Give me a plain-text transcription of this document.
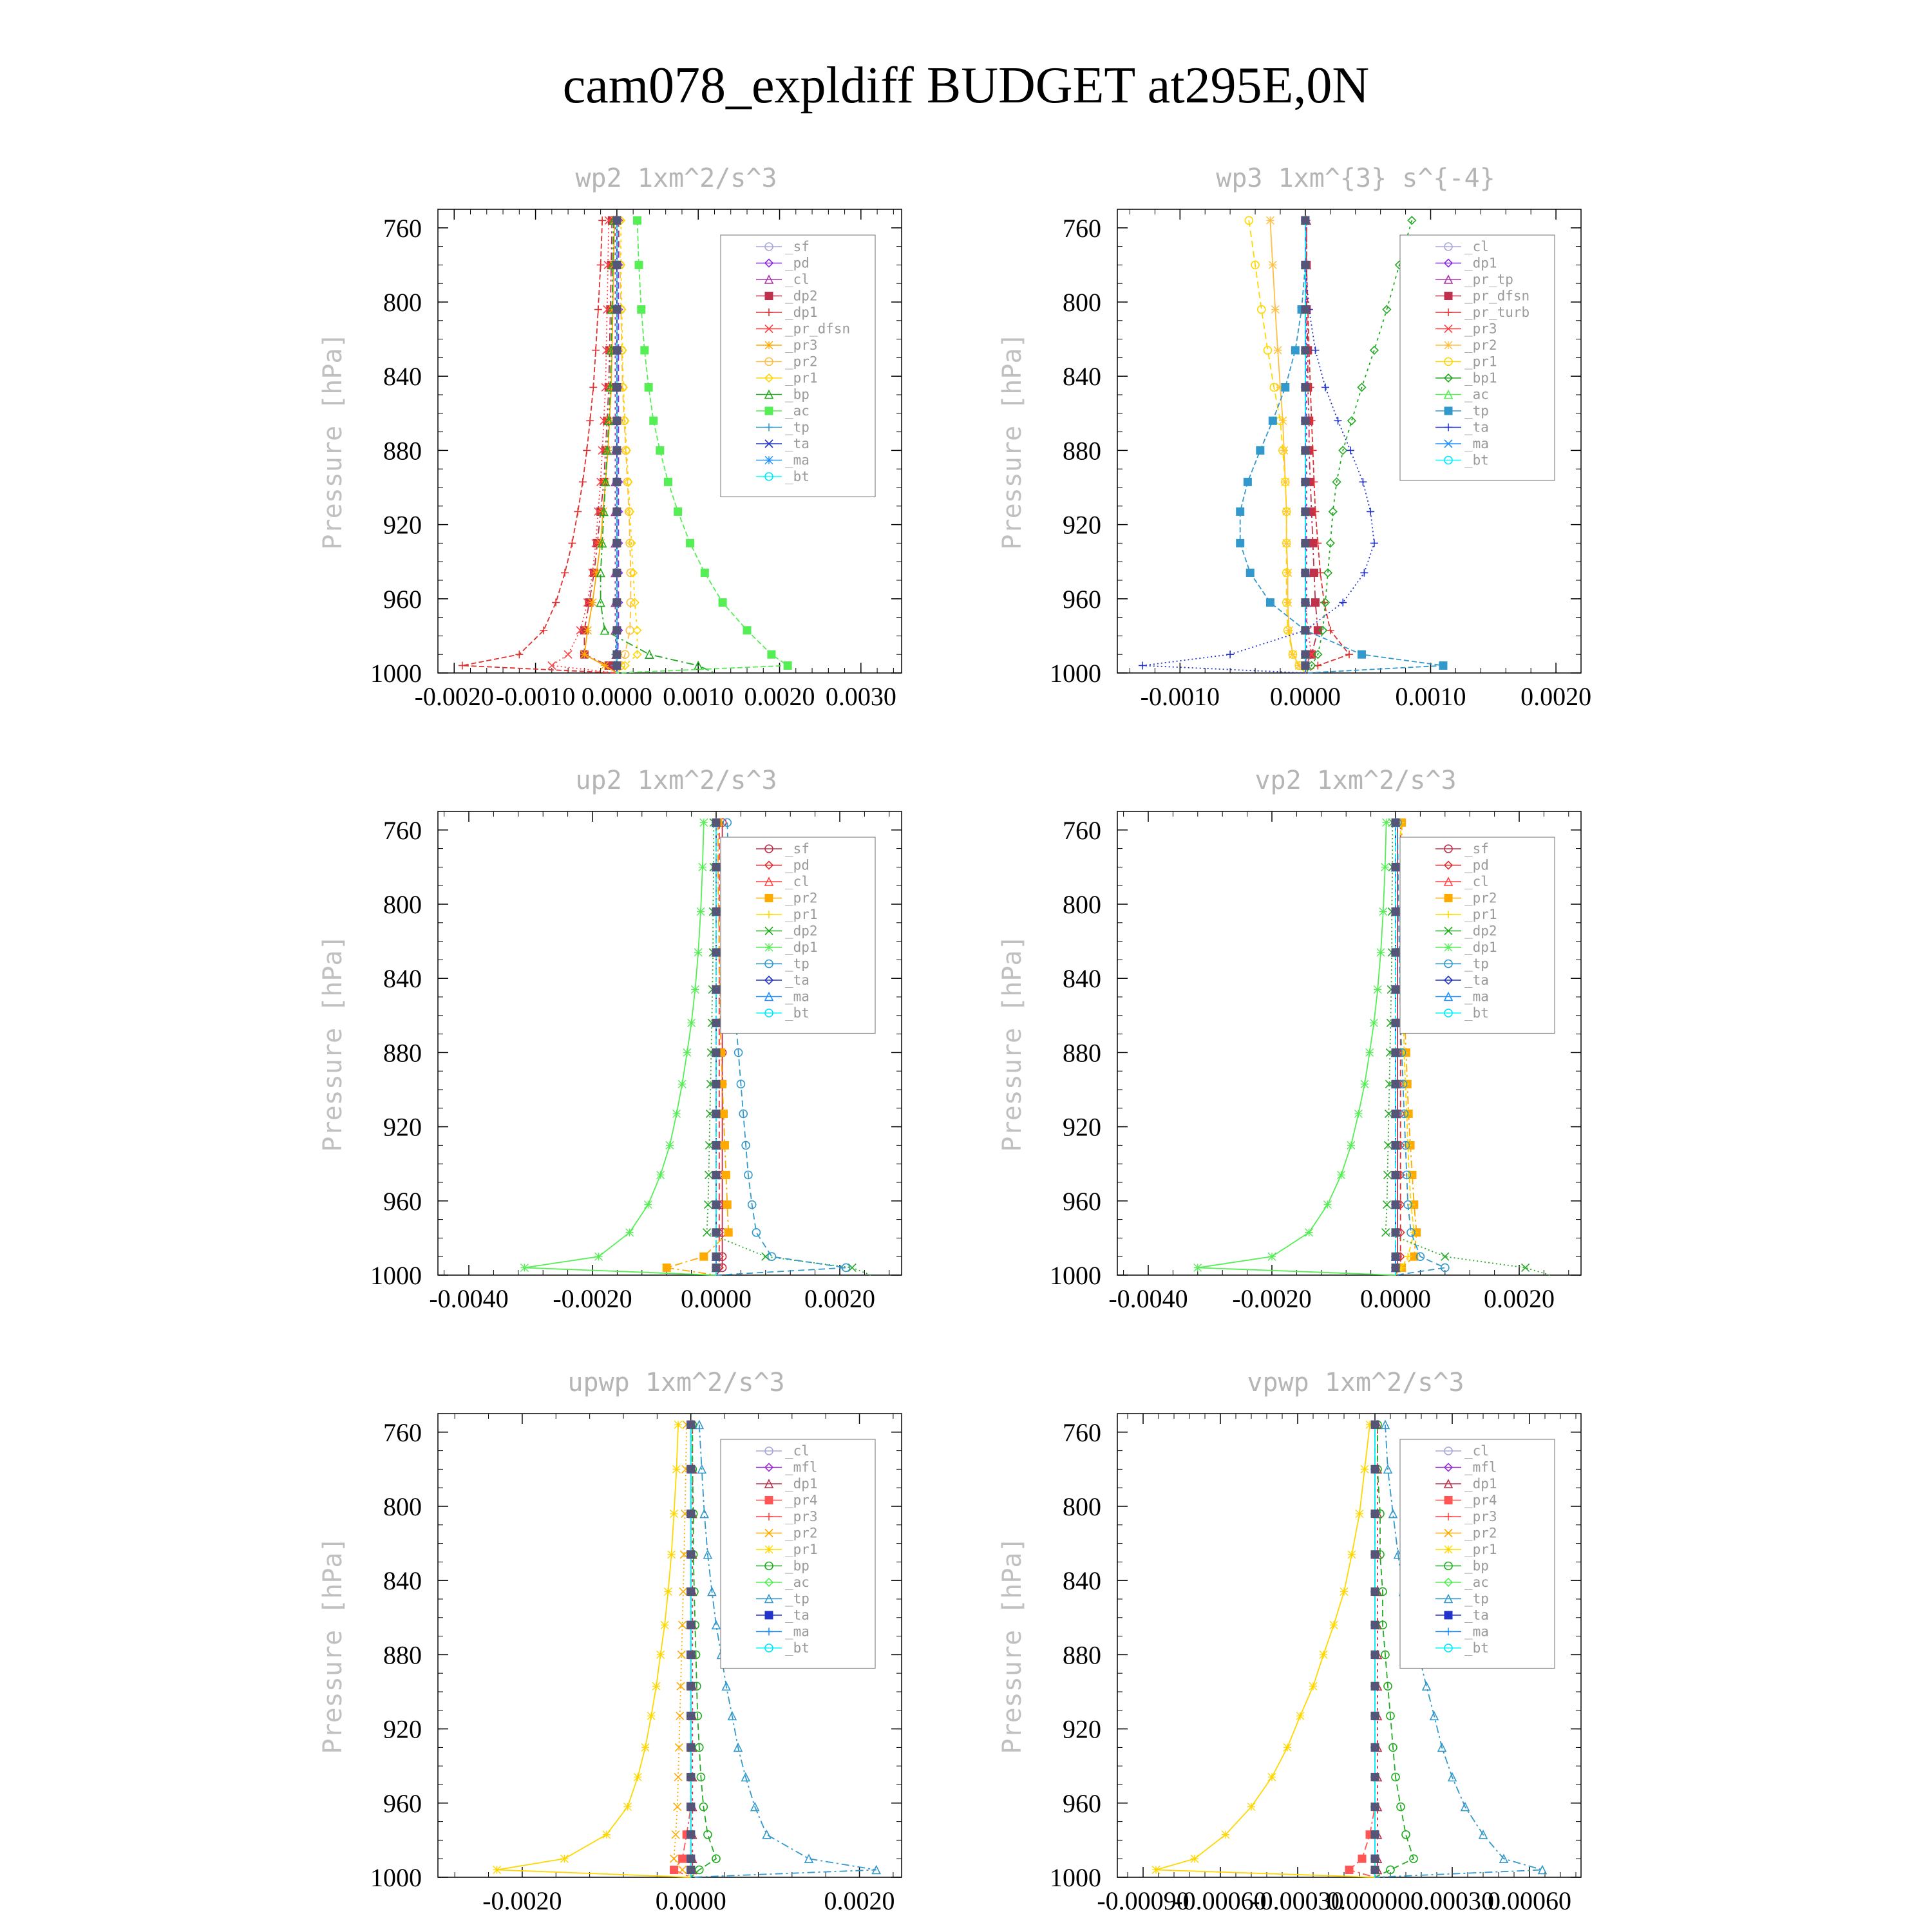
cam078_expldiff BUDGET at295E,0N
wp2 1xm^2/s^3
Pressure [hPa]
-0.0020 -0.0010 0.0000 0.0010 0.0020 0.0030
760
800
840
880
920
960
1000
_sf
_pd
_cl
_dp2
_dp1
_pr_dfsn
_pr3
_pr2
_pr1
_bp
_ac
_tp
_ta
_ma
_bt
wp3 1xm^{3} s^{-4}
Pressure [hPa]
-0.0010 0.0000 0.0010 0.0020
760
800
840
880
920
960
1000
_cl
_dp1
_pr_tp
_pr_dfsn
_pr_turb
_pr3
_pr2
_pr1
_bp1
_ac
_tp
_ta
_ma
_bt
up2 1xm^2/s^3
Pressure [hPa]
-0.0040 -0.0020 0.0000 0.0020
760
800
840
880
920
960
1000
_sf
_pd
_cl
_pr2
_pr1
_dp2
_dp1
_tp
_ta
_ma
_bt
vp2 1xm^2/s^3
Pressure [hPa]
-0.0040 -0.0020 0.0000 0.0020
760
800
840
880
920
960
1000
_sf
_pd
_cl
_pr2
_pr1
_dp2
_dp1
_tp
_ta
_ma
_bt
upwp 1xm^2/s^3
Pressure [hPa]
-0.0020	0.0000	0.0020
760
800
840
880
920
960
1000
_cl
_mfl
_dp1
_pr4
_pr3
_pr2
_pr1
_bp
_ac
_tp
_ta
_ma
_bt
vpwp 1xm^2/s^3
Pressure [hPa]
-0.00090
-0.00060
-0.00030
0.000000
0.00030
0.00060
760
800
840
880
920
960
1000
_cl
_mfl
_dp1
_pr4
_pr3
_pr2
_pr1
_bp
_ac
_tp
_ta
_ma
_bt
